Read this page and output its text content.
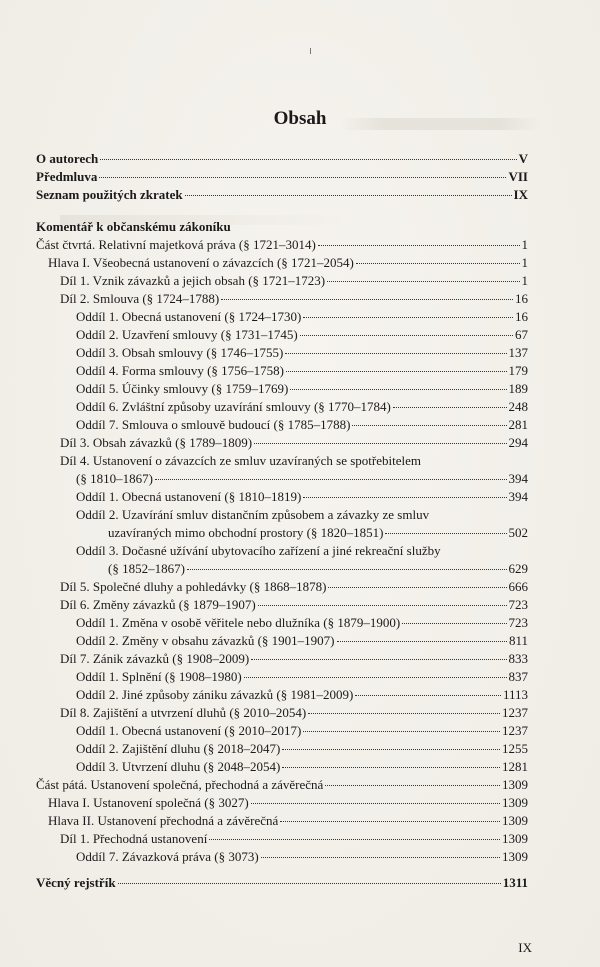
Obsah
O autorech	V
Předmluva	VII
Seznam použitých zkratek	IX
Komentář k občanskému zákoníku
Část čtvrtá. Relativní majetková práva (§ 1721–3014)	1
Hlava I. Všeobecná ustanovení o závazcích (§ 1721–2054)	1
Díl 1. Vznik závazků a jejich obsah (§ 1721–1723)	1
Díl 2. Smlouva (§ 1724–1788)	16
Oddíl 1. Obecná ustanovení (§ 1724–1730)	16
Oddíl 2. Uzavření smlouvy (§ 1731–1745)	67
Oddíl 3. Obsah smlouvy (§ 1746–1755)	137
Oddíl 4. Forma smlouvy (§ 1756–1758)	179
Oddíl 5. Účinky smlouvy (§ 1759–1769)	189
Oddíl 6. Zvláštní způsoby uzavírání smlouvy (§ 1770–1784)	248
Oddíl 7. Smlouva o smlouvě budoucí (§ 1785–1788)	281
Díl 3. Obsah závazků (§ 1789–1809)	294
Díl 4. Ustanovení o závazcích ze smluv uzavíraných se spotřebitelem
(§ 1810–1867)	394
Oddíl 1. Obecná ustanovení (§ 1810–1819)	394
Oddíl 2. Uzavírání smluv distančním způsobem a závazky ze smluv
uzavíraných mimo obchodní prostory (§ 1820–1851)	502
Oddíl 3. Dočasné užívání ubytovacího zařízení a jiné rekreační služby
(§ 1852–1867)	629
Díl 5. Společné dluhy a pohledávky (§ 1868–1878)	666
Díl 6. Změny závazků (§ 1879–1907)	723
Oddíl 1. Změna v osobě věřitele nebo dlužníka (§ 1879–1900)	723
Oddíl 2. Změny v obsahu závazků (§ 1901–1907)	811
Díl 7. Zánik závazků (§ 1908–2009)	833
Oddíl 1. Splnění (§ 1908–1980)	837
Oddíl 2. Jiné způsoby zániku závazků (§ 1981–2009)	1113
Díl 8. Zajištění a utvrzení dluhů (§ 2010–2054)	1237
Oddíl 1. Obecná ustanovení (§ 2010–2017)	1237
Oddíl 2. Zajištění dluhu (§ 2018–2047)	1255
Oddíl 3. Utvrzení dluhu (§ 2048–2054)	1281
Část pátá. Ustanovení společná, přechodná a závěrečná	1309
Hlava I. Ustanovení společná (§ 3027)	1309
Hlava II. Ustanovení přechodná a závěrečná	1309
Díl 1. Přechodná ustanovení	1309
Oddíl 7. Závazková práva (§ 3073)	1309
Věcný rejstřík	1311
IX
